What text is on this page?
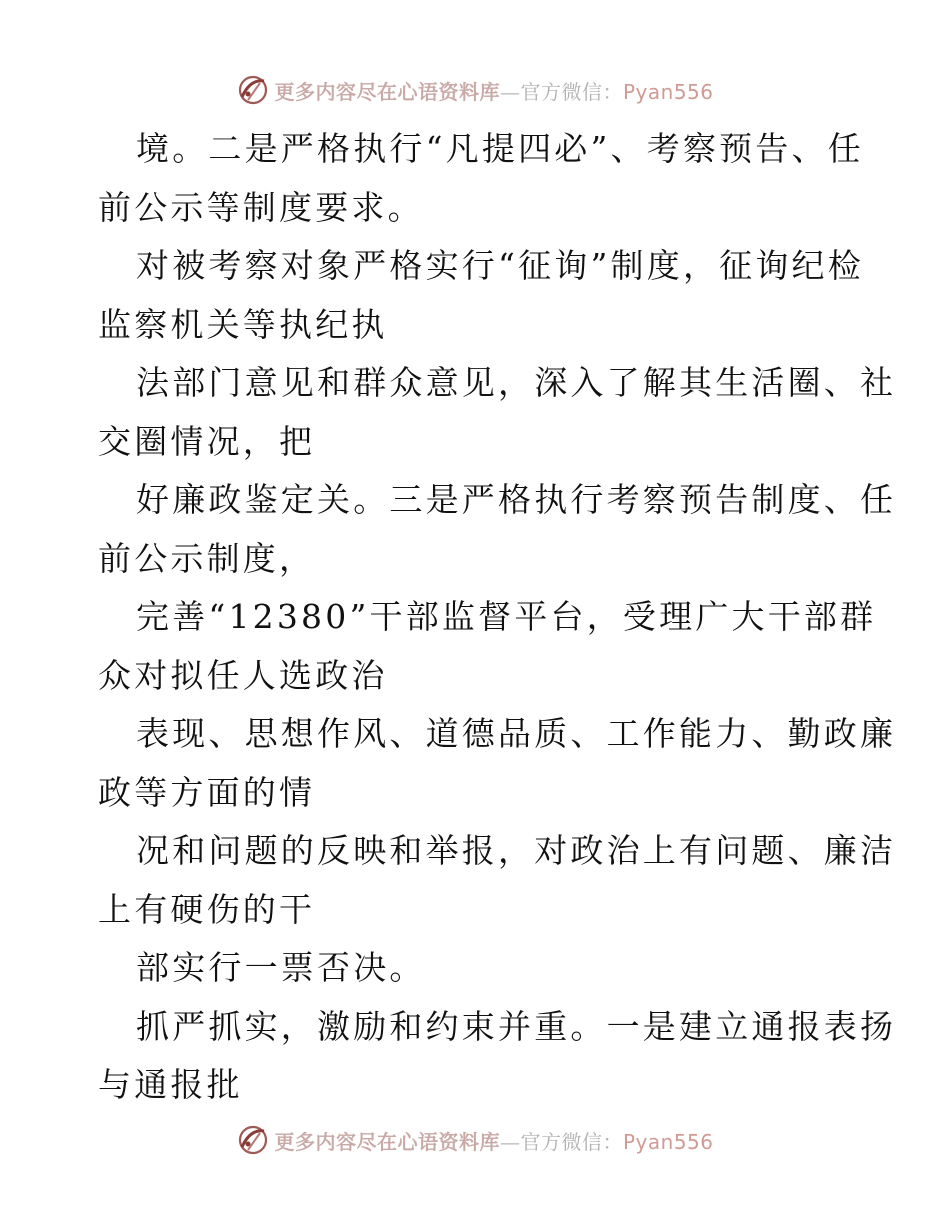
更多内容尽在心语资料库—官方微信：Pyan556
境。二是严格执行“凡提四必”、考察预告、任
前公示等制度要求。
对被考察对象严格实行“征询”制度，征询纪检
监察机关等执纪执
法部门意见和群众意见，深入了解其生活圈、社
交圈情况，把
好廉政鉴定关。三是严格执行考察预告制度、任
前公示制度，
完善“12380”干部监督平台，受理广大干部群
众对拟任人选政治
表现、思想作风、道德品质、工作能力、勤政廉
政等方面的情
况和问题的反映和举报，对政治上有问题、廉洁
上有硬伤的干
部实行一票否决。
抓严抓实，激励和约束并重。一是建立通报表扬
与通报批
更多内容尽在心语资料库—官方微信：Pyan556
